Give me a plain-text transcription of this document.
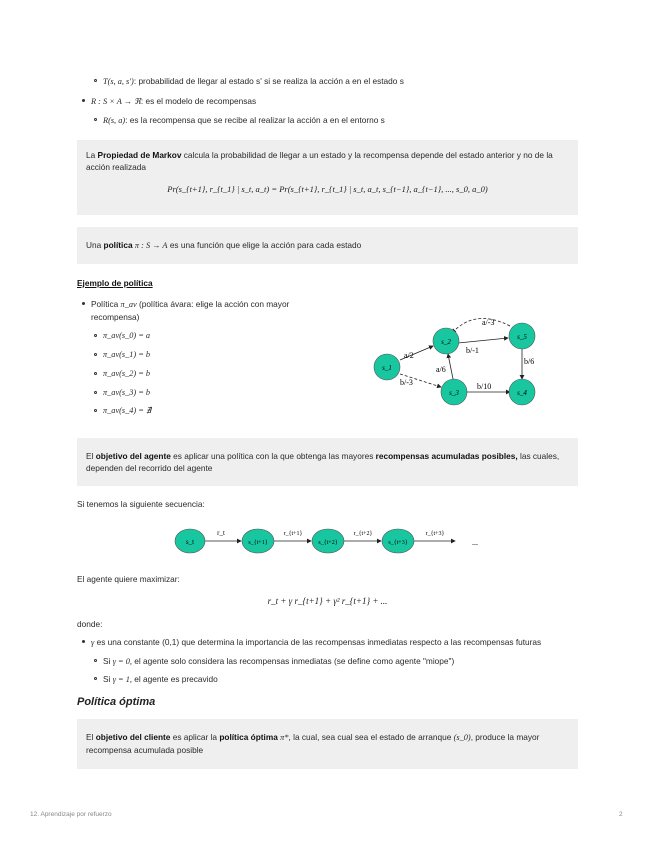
T(s, a, s'): probabilidad de llegar al estado s' si se realiza la acción a en el estado s
R : S × A → ℜ: es el modelo de recompensas
R(s, a): es la recompensa que se recibe al realizar la acción a en el entorno s
La Propiedad de Markov calcula la probabilidad de llegar a un estado y la recompensa depende del estado anterior y no de la acción realizada
Pr(s_{t+1}, r_{t_1} | s_t, a_t) = Pr(s_{t+1}, r_{t_1} | s_t, a_t, s_{t−1}, a_{t−1}, ..., s_0, a_0)
Una política π : S → A es una función que elige la acción para cada estado
Ejemplo de política
Política π_av (política ávara: elige la acción con mayor recompensa)
π_av(s_0) = a
π_av(s_1) = b
π_av(s_2) = b
π_av(s_3) = b
π_av(s_4) = ∄
a/2
b/-3
a/6
b/-1
a/-3
b/6
b/10
s_1
s_2
s_3	s_4
s_5
El objetivo del agente es aplicar una política con la que obtenga las mayores recompensas acumuladas posibles, las cuales, dependen del recorrido del agente
Si tenemos la siguiente secuencia:
r_t	r_{t+1}	r_{t+2}	r_{t+3}
s_t	s_{t+1}	s_{t+2}	s_{t+3}	...
El agente quiere maximizar:
r_t + γ r_{t+1} + γ² r_{t+1} + ...
donde:
γ es una constante (0,1) que determina la importancia de las recompensas inmediatas respecto a las recompensas futuras
Si γ = 0, el agente solo considera las recompensas inmediatas (se define como agente "miope")
Si γ = 1, el agente es precavido
Política óptima
El objetivo del cliente es aplicar la política óptima π*, la cual, sea cual sea el estado de arranque (s_0), produce la mayor recompensa acumulada posible
12. Aprendizaje por refuerzo	2
